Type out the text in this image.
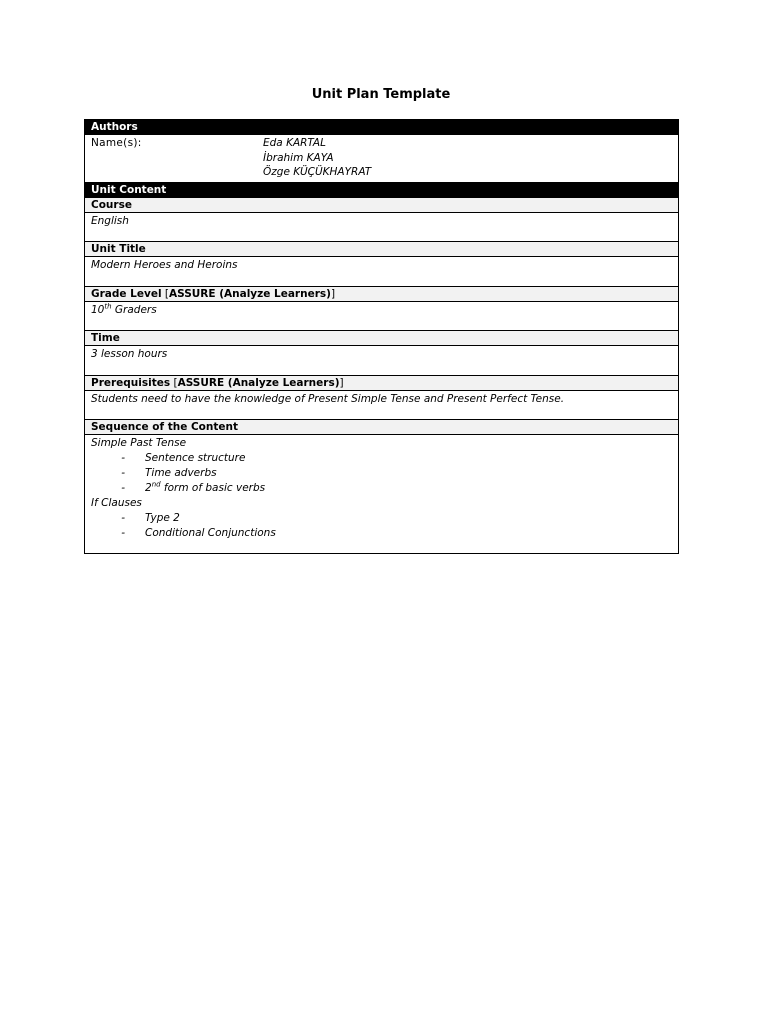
Unit Plan Template
Authors
Name(s):	Eda KARTAL
İbrahim KAYA
Özge KÜÇÜKHAYRAT
Unit Content
Course
English
Unit Title
Modern Heroes and Heroins
Grade Level [ASSURE (Analyze Learners)]
10th Graders
Time
3 lesson hours
Prerequisites [ASSURE (Analyze Learners)]
Students need to have the knowledge of Present Simple Tense and Present Perfect Tense.
Sequence of the Content
Simple Past Tense
-	Sentence structure
-	Time adverbs
-	2nd form of basic verbs
If Clauses
-	Type 2
-	Conditional Conjunctions
